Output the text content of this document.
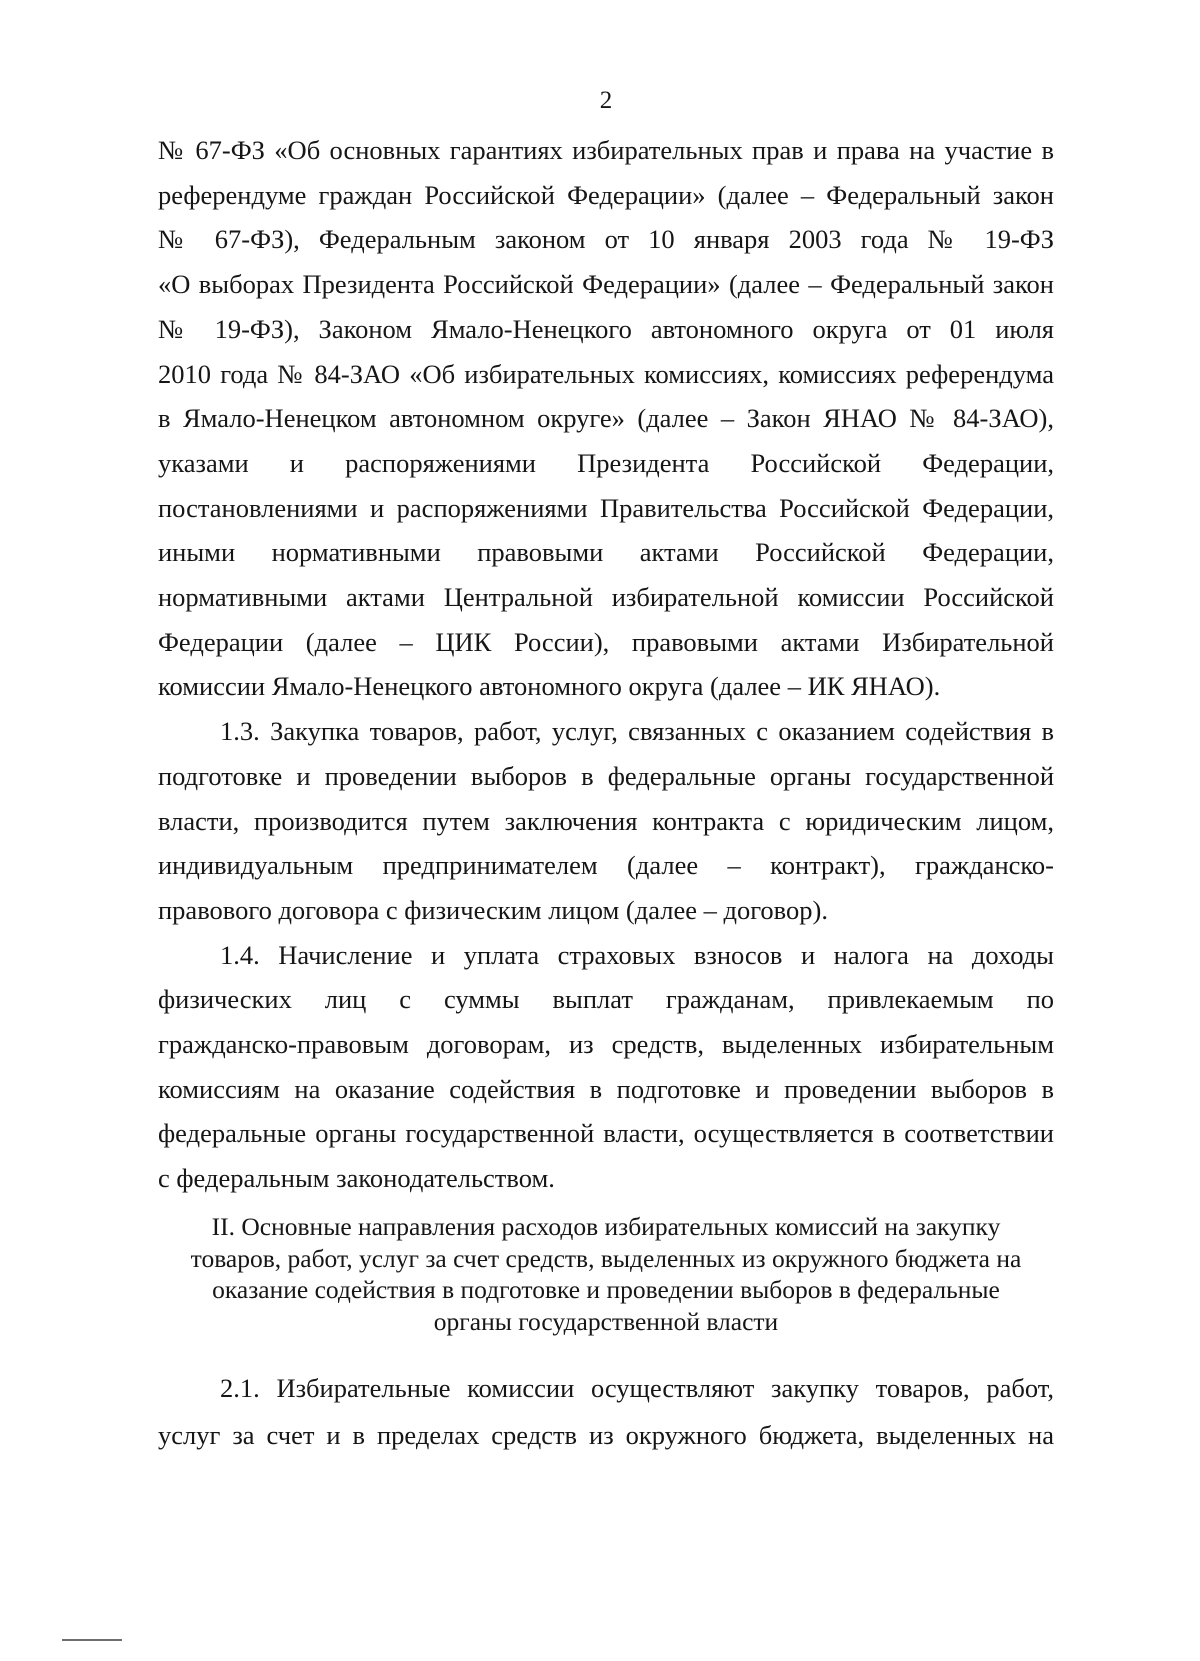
2
№ 67-ФЗ «Об основных гарантиях избирательных прав и права на участие в
референдуме граждан Российской Федерации» (далее – Федеральный закон
№ 67-ФЗ), Федеральным законом от 10 января 2003 года № 19-ФЗ
«О выборах Президента Российской Федерации» (далее – Федеральный закон
№ 19-ФЗ), Законом Ямало-Ненецкого автономного округа от 01 июля
2010 года № 84-ЗАО «Об избирательных комиссиях, комиссиях референдума
в Ямало-Ненецком автономном округе» (далее – Закон ЯНАО № 84-ЗАО),
указами и распоряжениями Президента Российской Федерации,
постановлениями и распоряжениями Правительства Российской Федерации,
иными нормативными правовыми актами Российской Федерации,
нормативными актами Центральной избирательной комиссии Российской
Федерации (далее – ЦИК России), правовыми актами Избирательной
комиссии Ямало-Ненецкого автономного округа (далее – ИК ЯНАО).
1.3. Закупка товаров, работ, услуг, связанных с оказанием содействия в
подготовке и проведении выборов в федеральные органы государственной
власти, производится путем заключения контракта с юридическим лицом,
индивидуальным предпринимателем (далее – контракт), гражданско-
правового договора с физическим лицом (далее – договор).
1.4. Начисление и уплата страховых взносов и налога на доходы
физических лиц с суммы выплат гражданам, привлекаемым по
гражданско-правовым договорам, из средств, выделенных избирательным
комиссиям на оказание содействия в подготовке и проведении выборов в
федеральные органы государственной власти, осуществляется в соответствии
с федеральным законодательством.
II. Основные направления расходов избирательных комиссий на закупку
товаров, работ, услуг за счет средств, выделенных из окружного бюджета на
оказание содействия в подготовке и проведении выборов в федеральные
органы государственной власти
2.1. Избирательные комиссии осуществляют закупку товаров, работ,
услуг за счет и в пределах средств из окружного бюджета, выделенных на
